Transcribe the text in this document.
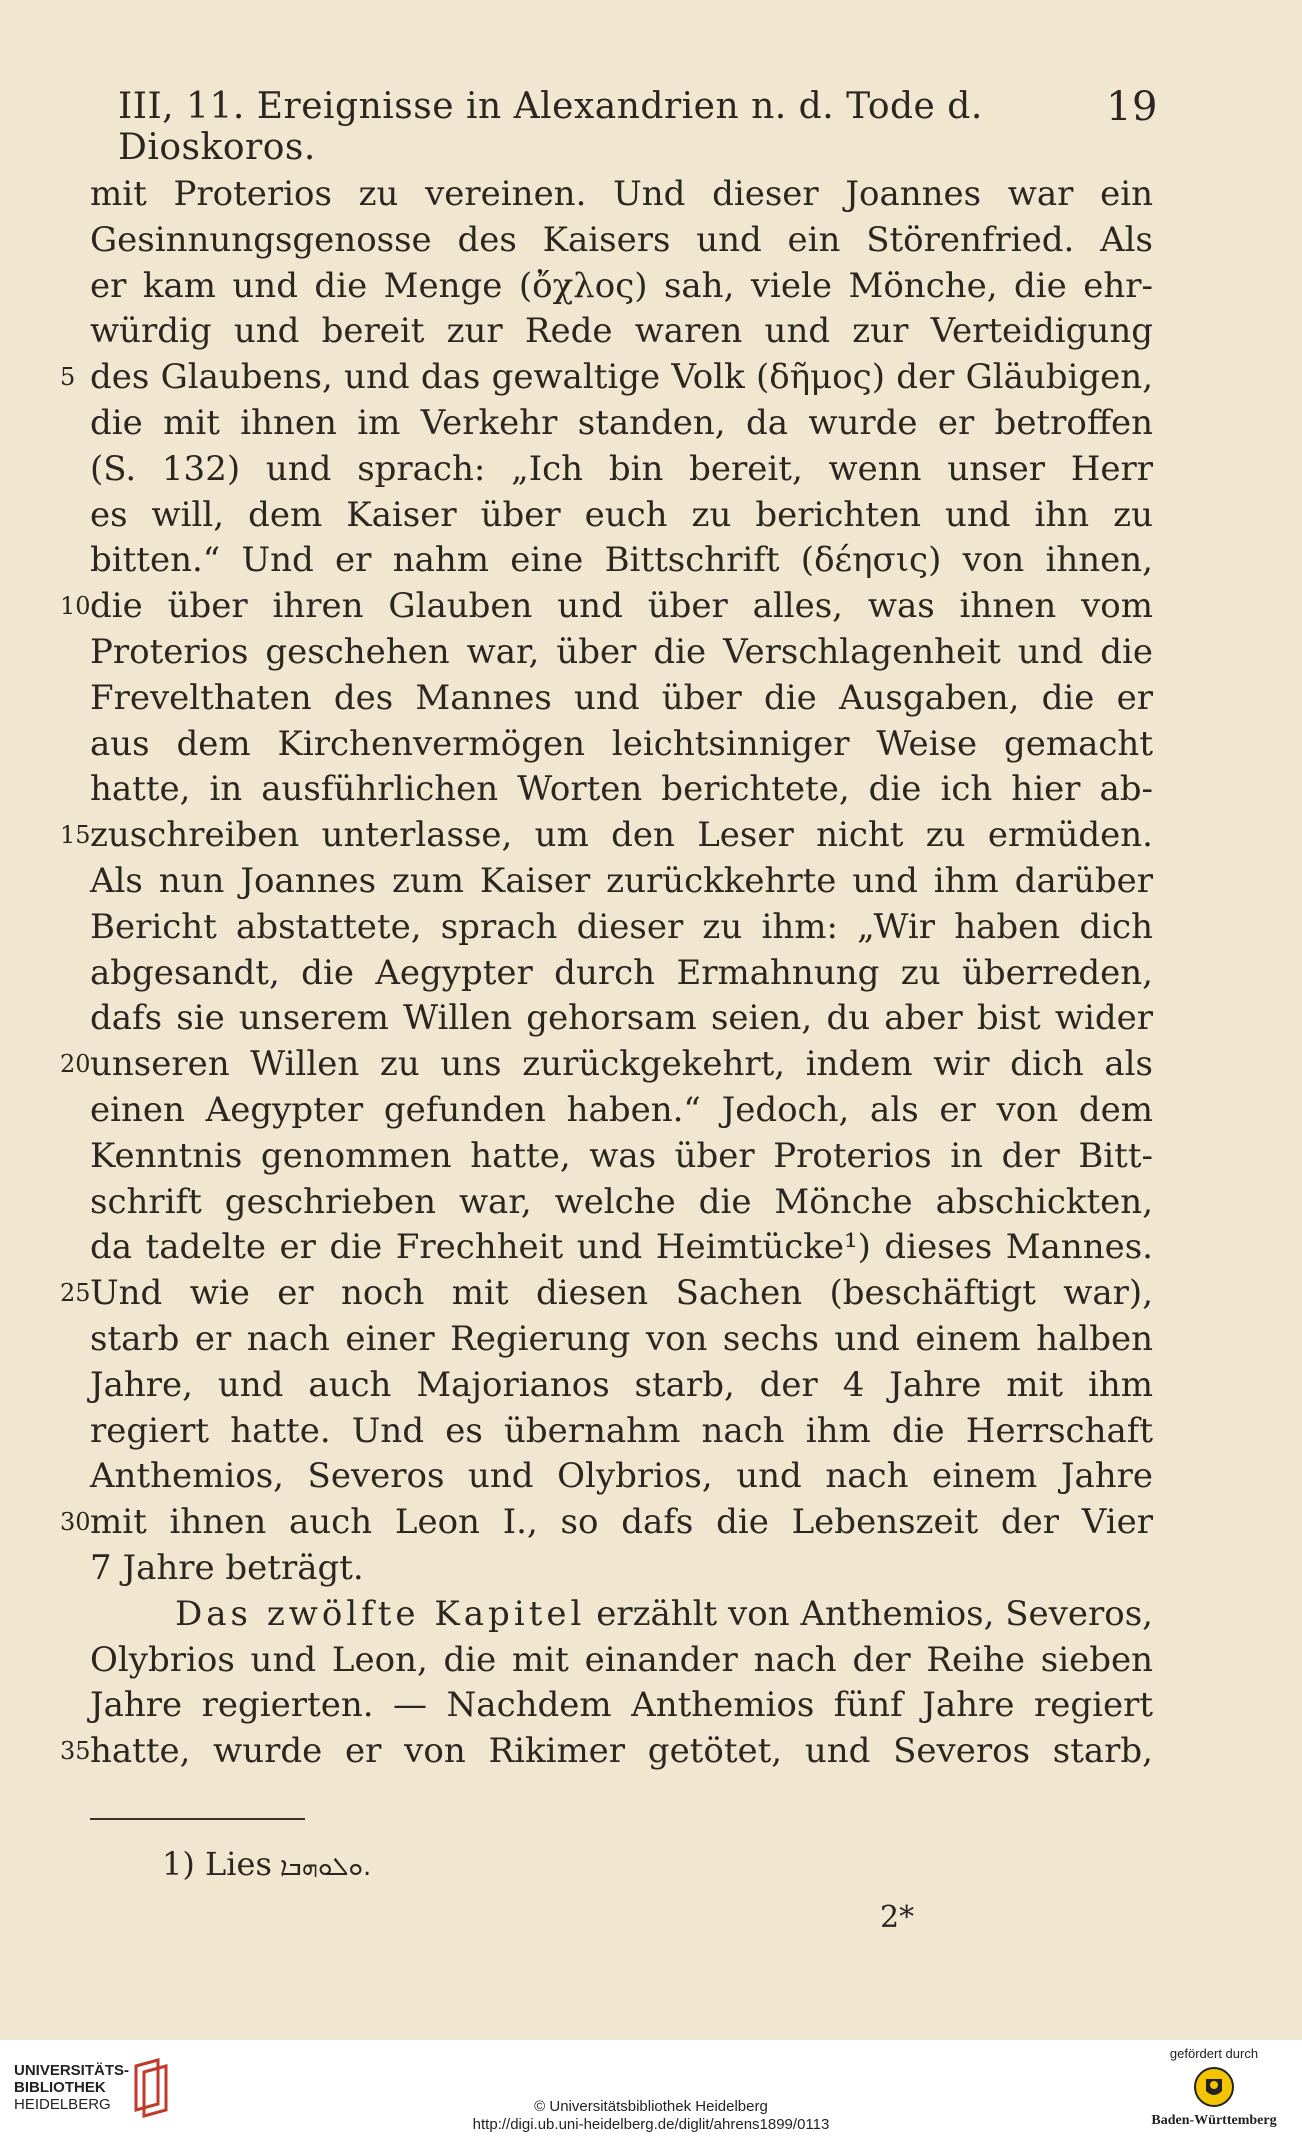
III, 11. Ereignisse in Alexandrien n. d. Tode d. Dioskoros.
19
mit Proterios zu vereinen. Und dieser Joannes war ein
Gesinnungsgenosse des Kaisers und ein Störenfried. Als
er kam und die Menge (ὄχλος) sah, viele Mönche, die ehr-
würdig und bereit zur Rede waren und zur Verteidigung
5 des Glaubens, und das gewaltige Volk (δῆμος) der Gläubigen,
die mit ihnen im Verkehr standen, da wurde er betroffen
(S. 132) und sprach: „Ich bin bereit, wenn unser Herr
es will, dem Kaiser über euch zu berichten und ihn zu
bitten.“ Und er nahm eine Bittschrift (δέησις) von ihnen,
10 die über ihren Glauben und über alles, was ihnen vom
Proterios geschehen war, über die Verschlagenheit und die
Frevelthaten des Mannes und über die Ausgaben, die er
aus dem Kirchenvermögen leichtsinniger Weise gemacht
hatte, in ausführlichen Worten berichtete, die ich hier ab-
15 zuschreiben unterlasse, um den Leser nicht zu ermüden.
Als nun Joannes zum Kaiser zurückkehrte und ihm darüber
Bericht abstattete, sprach dieser zu ihm: „Wir haben dich
abgesandt, die Aegypter durch Ermahnung zu überreden,
dafs sie unserem Willen gehorsam seien, du aber bist wider
20 unseren Willen zu uns zurückgekehrt, indem wir dich als
einen Aegypter gefunden haben.“ Jedoch, als er von dem
Kenntnis genommen hatte, was über Proterios in der Bitt-
schrift geschrieben war, welche die Mönche abschickten,
da tadelte er die Frechheit und Heimtücke¹) dieses Mannes.
25 Und wie er noch mit diesen Sachen (beschäftigt war),
starb er nach einer Regierung von sechs und einem halben
Jahre, und auch Majorianos starb, der 4 Jahre mit ihm
regiert hatte. Und es übernahm nach ihm die Herrschaft
Anthemios, Severos und Olybrios, und nach einem Jahre
30 mit ihnen auch Leon I., so dafs die Lebenszeit der Vier
7 Jahre beträgt.
Das zwölfte Kapitel erzählt von Anthemios, Severos,
Olybrios und Leon, die mit einander nach der Reihe sieben
Jahre regierten. — Nachdem Anthemios fünf Jahre regiert
35 hatte, wurde er von Rikimer getötet, und Severos starb,
1) Lies ܘܠܘܗܒܐ.
2*
UNIVERSITÄTS-
BIBLIOTHEK
HEIDELBERG	© Universitätsbibliothek Heidelberg
http://digi.ub.uni-heidelberg.de/diglit/ahrens1899/0113
gefördert durch
Baden-Württemberg
